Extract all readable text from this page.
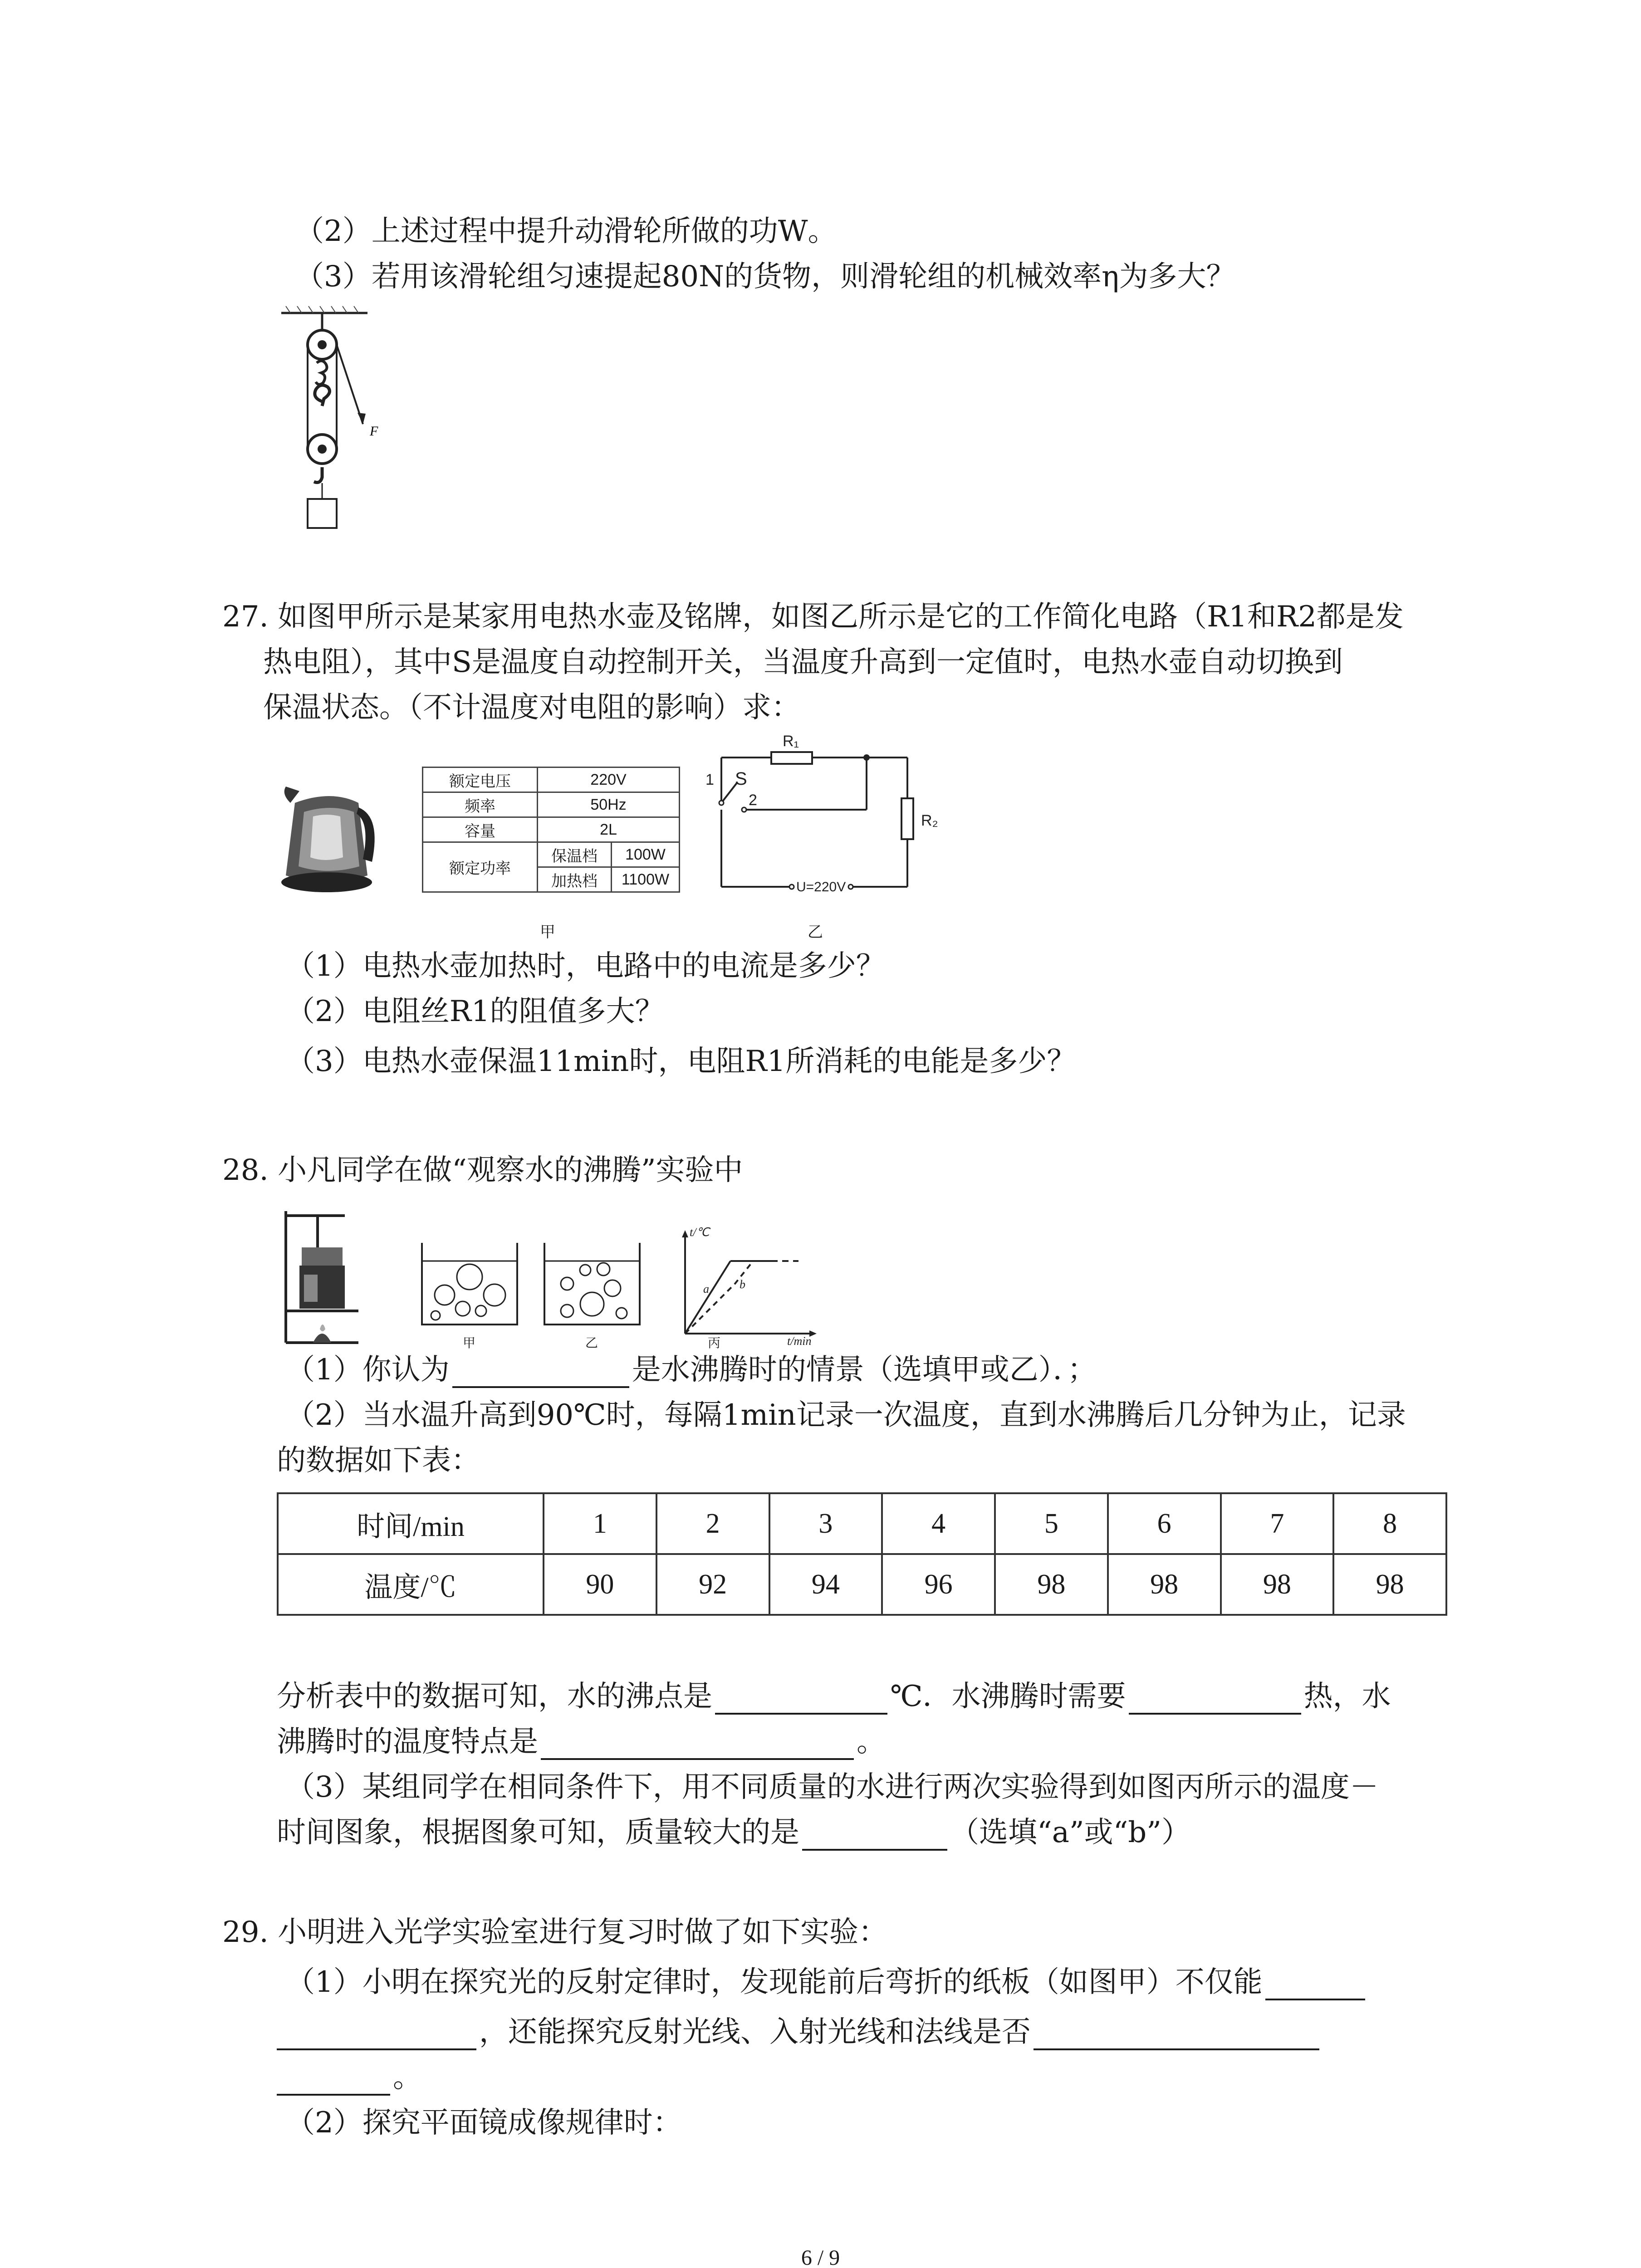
（2）上述过程中提升动滑轮所做的功W。
（3）若用该滑轮组匀速提起80N的货物，则滑轮组的机械效率η为多大？
F
27. 如图甲所示是某家用电热水壶及铭牌，如图乙所示是它的工作简化电路（R1和R2都是发
热电阻），其中S是温度自动控制开关，当温度升高到一定值时，电热水壶自动切换到
保温状态。（不计温度对电阻的影响）求：
额定电压	220V	
频率	50Hz	
容量	2L	
额定功率	保温档	100W
	加热档	1100W
R₁
R₂
S
1
2
U=220V
甲	乙
（1）电热水壶加热时，电路中的电流是多少？
（2）电阻丝R1的阻值多大？
（3）电热水壶保温11min时，电阻R1所消耗的电能是多少？
28. 小凡同学在做“观察水的沸腾”实验中
甲	乙
t/℃
t/min
a	b
丙
（1）你认为	是水沸腾时的情景（选填甲或乙）．；
（2）当水温升高到90℃时，每隔1min记录一次温度，直到水沸腾后几分钟为止，记录
的数据如下表：
时间/min	1	2	3	4	5	6	7	8
温度/℃	90	92	94	96	98	98	98	98
分析表中的数据可知，水的沸点是	℃．水沸腾时需要	热，水
沸腾时的温度特点是	。
（3）某组同学在相同条件下，用不同质量的水进行两次实验得到如图丙所示的温度－
时间图象，根据图象可知，质量较大的是	（选填“a”或“b”）
29. 小明进入光学实验室进行复习时做了如下实验：
（1）小明在探究光的反射定律时，发现能前后弯折的纸板（如图甲）不仅能
，还能探究反射光线、入射光线和法线是否
。
（2）探究平面镜成像规律时：
6 / 9
